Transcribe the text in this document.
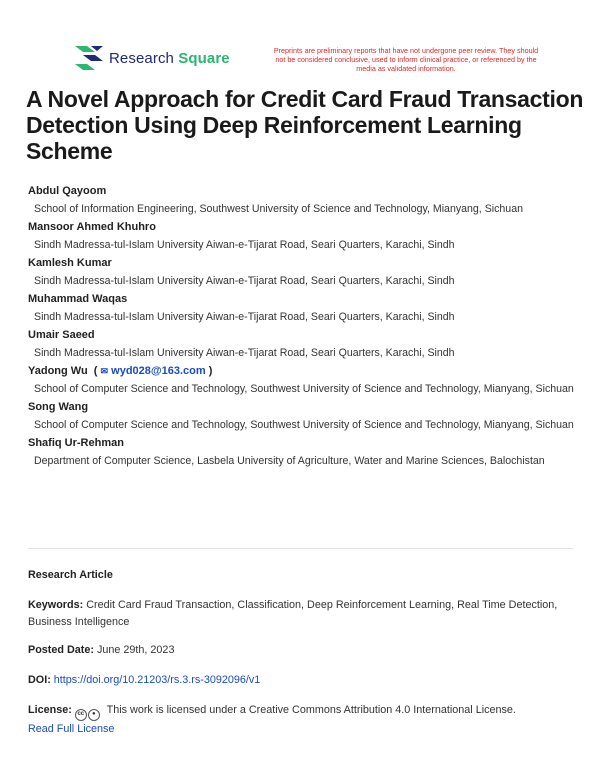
Research Square	Preprints are preliminary reports that have not undergone peer review. They should not be considered conclusive, used to inform clinical practice, or referenced by the media as validated information.
A Novel Approach for Credit Card Fraud Transaction Detection Using Deep Reinforcement Learning Scheme
Abdul Qayoom
School of Information Engineering, Southwest University of Science and Technology, Mianyang, Sichuan
Mansoor Ahmed Khuhro
Sindh Madressa-tul-Islam University Aiwan-e-Tijarat Road, Seari Quarters, Karachi, Sindh
Kamlesh Kumar
Sindh Madressa-tul-Islam University Aiwan-e-Tijarat Road, Seari Quarters, Karachi, Sindh
Muhammad Waqas
Sindh Madressa-tul-Islam University Aiwan-e-Tijarat Road, Seari Quarters, Karachi, Sindh
Umair Saeed
Sindh Madressa-tul-Islam University Aiwan-e-Tijarat Road, Seari Quarters, Karachi, Sindh
Yadong Wu  ( ✉ wyd028@163.com )
School of Computer Science and Technology, Southwest University of Science and Technology, Mianyang, Sichuan
Song Wang
School of Computer Science and Technology, Southwest University of Science and Technology, Mianyang, Sichuan
Shafiq Ur-Rehman
Department of Computer Science, Lasbela University of Agriculture, Water and Marine Sciences, Balochistan
Research Article
Keywords: Credit Card Fraud Transaction, Classification, Deep Reinforcement Learning, Real Time Detection, Business Intelligence
Posted Date: June 29th, 2023
DOI: https://doi.org/10.21203/rs.3.rs-3092096/v1
License: cc	●	This work is licensed under a Creative Commons Attribution 4.0 International License.
Read Full License
